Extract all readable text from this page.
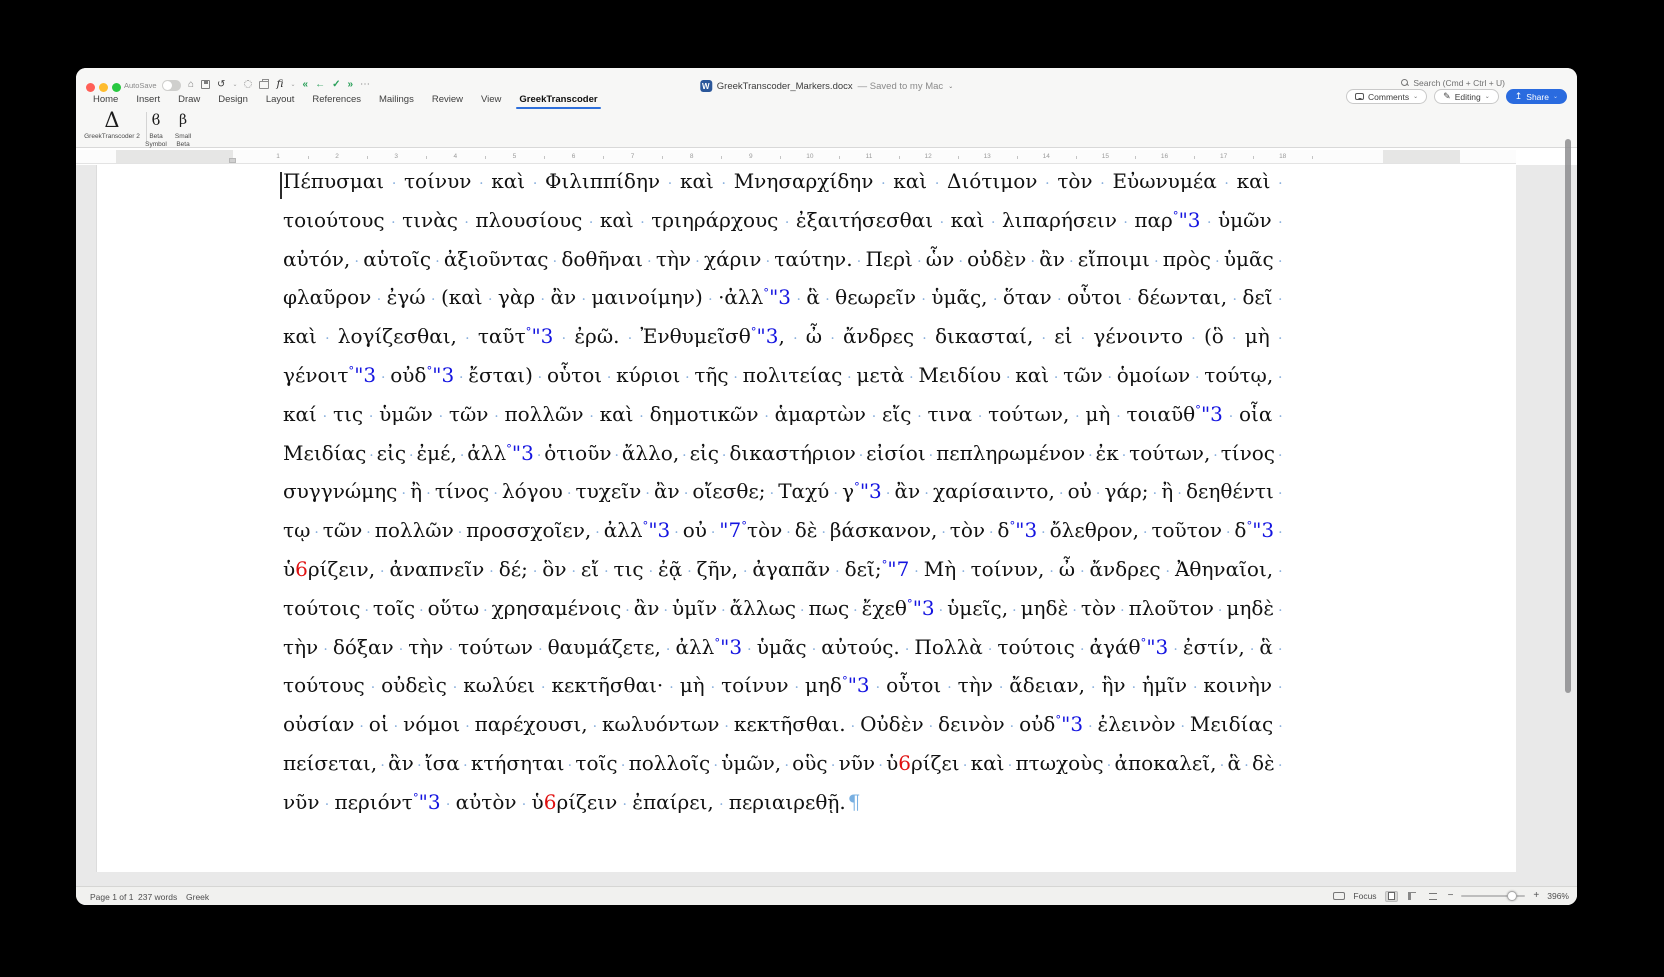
AutoSave	⌂ ↺ ⌄	fi ⌄ « ← ✓ » ⋯	W GreekTranscoder_Markers.docx — Saved to my Mac ⌄	Search (Cmd + Ctrl + U)
Home	Insert	Draw	Design	Layout	References	Mailings	Review	View	GreekTranscoder	Comments ⌄	✎ Editing ⌄	↥ Share ⌄
Δ
GreekTranscoder 2
ϐ
Beta
Symbol
β
Small
Beta
1	2	3	4	5	6	7	8	9	10	11	12	13	14	15	16	17	18
Πέπυσμαι · τοίνυν · καὶ · Φιλιππίδην · καὶ · Μνησαρχίδην · καὶ · Διότιμον · τὸν · Εὐωνυμέα · καὶ ·
τοιούτους · τινὰς · πλουσίους · καὶ · τριηράρχους · ἐξαιτήσεσθαι · καὶ · λιπαρήσειν · παρ°"3 · ὑμῶν ·
αὐτόν, · αὑτοῖς · ἀξιοῦντας · δοθῆναι · τὴν · χάριν · ταύτην. · Περὶ · ὧν · οὐδὲν · ἂν · εἴποιμι · πρὸς · ὑμᾶς ·
φλαῦρον · ἐγώ · (καὶ · γὰρ · ἂν · μαινοίμην) · ·ἀλλ°"3 · ἃ · θεωρεῖν · ὑμᾶς, · ὅταν · οὗτοι · δέωνται, · δεῖ ·
καὶ · λογίζεσθαι, · ταῦτ°"3 · ἐρῶ. · Ἐνθυμεῖσθ°"3, · ὦ · ἄνδρες · δικασταί, · εἰ · γένοιντο · (ὃ · μὴ ·
γένοιτ°"3 · οὐδ°"3 · ἔσται) · οὗτοι · κύριοι · τῆς · πολιτείας · μετὰ · Μειδίου · καὶ · τῶν · ὁμοίων · τούτῳ, ·
καί · τις · ὑμῶν · τῶν · πολλῶν · καὶ · δημοτικῶν · ἁμαρτὼν · εἴς · τινα · τούτων, · μὴ · τοιαῦθ°"3 · οἷα ·
Μειδίας · εἰς · ἐμέ, · ἀλλ°"3 · ὁτιοῦν · ἄλλο, · εἰς · δικαστήριον · εἰσίοι · πεπληρωμένον · ἐκ · τούτων, · τίνος ·
συγγνώμης · ἢ · τίνος · λόγου · τυχεῖν · ἂν · οἴεσθε; · Ταχύ · γ°"3 · ἂν · χαρίσαιντο, · οὐ · γάρ; · ἢ · δεηθέντι ·
τῳ · τῶν · πολλῶν · προσσχοῖεν, · ἀλλ°"3 · οὐ · "7°τὸν · δὲ · βάσκανον, · τὸν · δ°"3 · ὄλεθρον, · τοῦτον · δ°"3 ·
ὑ6ρίζειν, · ἀναπνεῖν · δέ; · ὃν · εἴ · τις · ἐᾷ · ζῆν, · ἀγαπᾶν · δεῖ;°"7 · Μὴ · τοίνυν, · ὦ · ἄνδρες · Ἀθηναῖοι, ·
τούτοις · τοῖς · οὕτω · χρησαμένοις · ἂν · ὑμῖν · ἄλλως · πως · ἔχεθ°"3 · ὑμεῖς, · μηδὲ · τὸν · πλοῦτον · μηδὲ ·
τὴν · δόξαν · τὴν · τούτων · θαυμάζετε, · ἀλλ°"3 · ὑμᾶς · αὐτούς. · Πολλὰ · τούτοις · ἀγάθ°"3 · ἐστίν, · ἃ ·
τούτους · οὐδεὶς · κωλύει · κεκτῆσθαι· · μὴ · τοίνυν · μηδ°"3 · οὗτοι · τὴν · ἄδειαν, · ἣν · ἡμῖν · κοινὴν ·
οὐσίαν · οἱ · νόμοι · παρέχουσι, · κωλυόντων · κεκτῆσθαι. · Οὐδὲν · δεινὸν · οὐδ°"3 · ἐλεινὸν · Μειδίας ·
πείσεται, · ἂν · ἴσα · κτήσηται · τοῖς · πολλοῖς · ὑμῶν, · οὓς · νῦν · ὑ6ρίζει · καὶ · πτωχοὺς · ἀποκαλεῖ, · ἃ · δὲ ·
νῦν · περιόντ°"3 · αὐτὸν · ὑ6ρίζειν · ἐπαίρει, · περιαιρεθῇ. ¶
Page 1 of 1 237 words Greek	Focus	−	+ 396%
